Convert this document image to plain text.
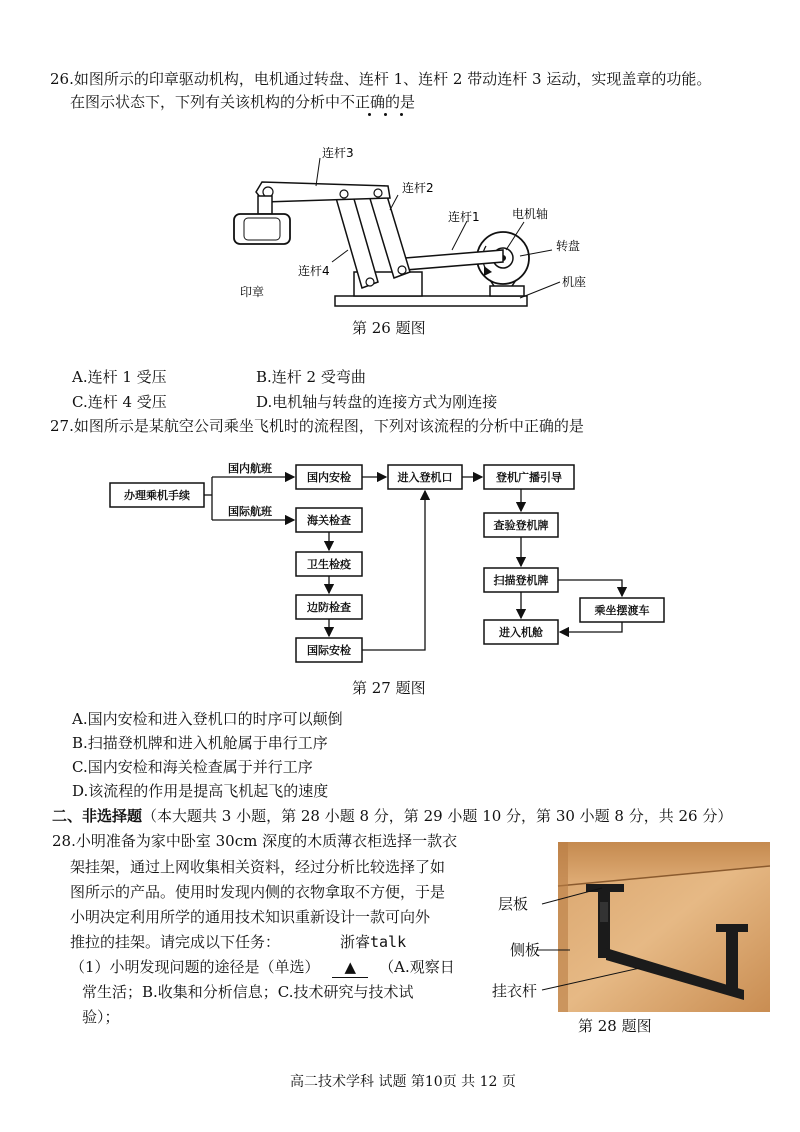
26.如图所示的印章驱动机构，电机通过转盘、连杆 1、连杆 2 带动连杆 3 运动，实现盖章的功能。
在图示状态下，下列有关该机构的分析中不正确的是
连杆3
连杆2
连杆1	电机轴
转盘
印章
连杆4
机座
第 26 题图
A.连杆 1 受压	B.连杆 2 受弯曲
C.连杆 4 受压	D.电机轴与转盘的连接方式为刚连接
27.如图所示是某航空公司乘坐飞机时的流程图，下列对该流程的分析中正确的是
办理乘机手续
国内航班
国际航班
国内安检	进入登机口	登机广播引导
海关检查
卫生检疫
边防检查
国际安检
查验登机牌
扫描登机牌
乘坐摆渡车
进入机舱
第 27 题图
A.国内安检和进入登机口的时序可以颠倒
B.扫描登机牌和进入机舱属于串行工序
C.国内安检和海关检查属于并行工序
D.该流程的作用是提高飞机起飞的速度
二、非选择题（本大题共 3 小题，第 28 小题 8 分，第 29 小题 10 分，第 30 小题 8 分，共 26 分）
28.小明准备为家中卧室 30cm 深度的木质薄衣柜选择一款衣
架挂架，通过上网收集相关资料，经过分析比较选择了如
图所示的产品。使用时发现内侧的衣物拿取不方便，于是
小明决定利用所学的通用技术知识重新设计一款可向外
推拉的挂架。请完成以下任务：	浙睿talk
（1）小明发现问题的途径是（单选） ▲ （A.观察日
常生活；B.收集和分析信息；C.技术研究与技术试
验）；
层板
侧板
挂衣杆
第 28 题图
高二技术学科 试题 第10页 共 12 页
